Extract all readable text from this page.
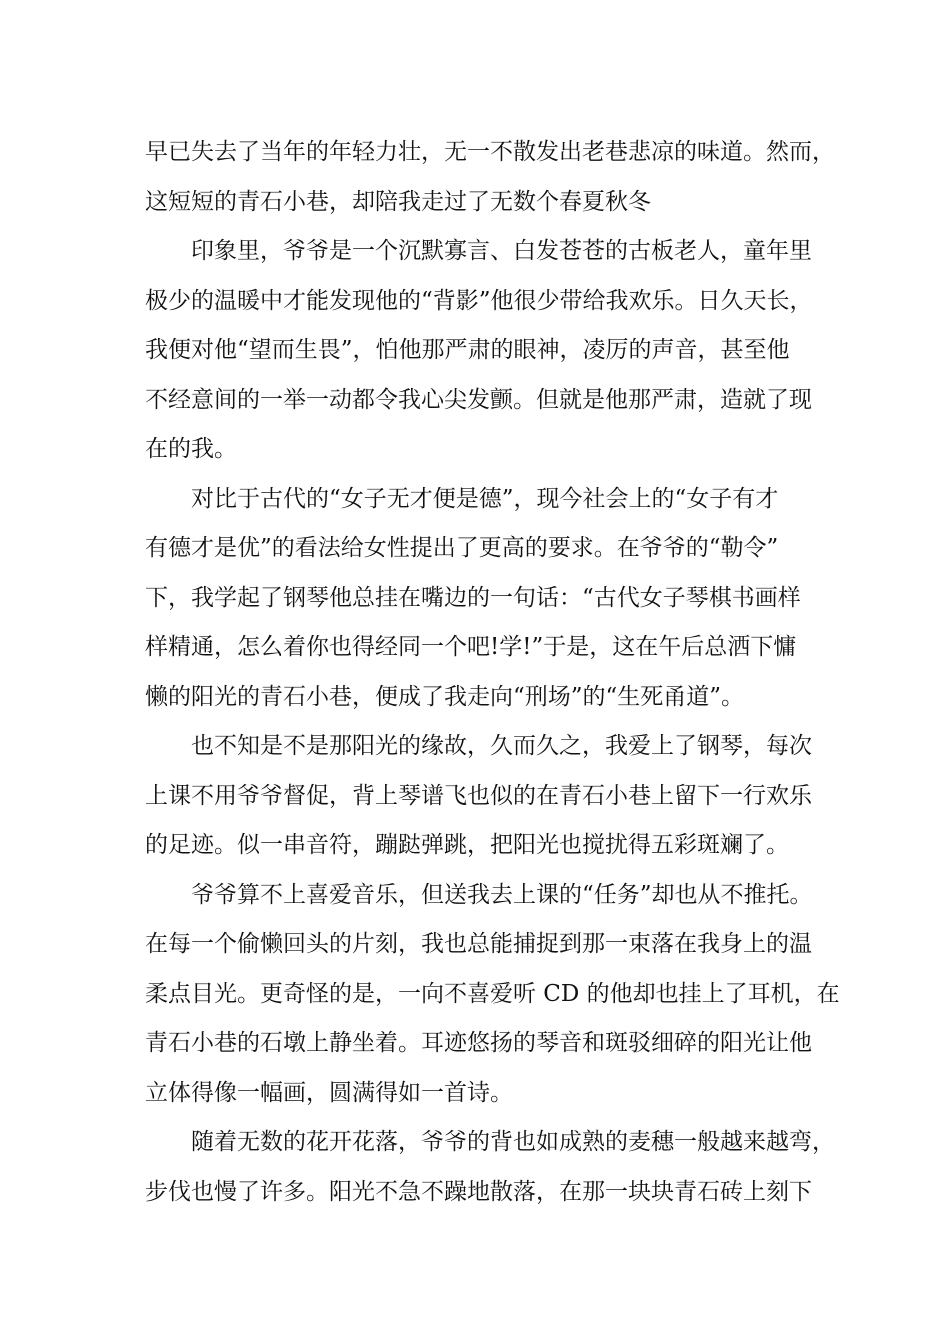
早已失去了当年的年轻力壮，无一不散发出老巷悲凉的味道。然而，
这短短的青石小巷，却陪我走过了无数个春夏秋冬
印象里，爷爷是一个沉默寡言、白发苍苍的古板老人，童年里
极少的温暖中才能发现他的“背影”他很少带给我欢乐。日久天长，
我便对他“望而生畏”，怕他那严肃的眼神，凌厉的声音，甚至他
不经意间的一举一动都令我心尖发颤。但就是他那严肃，造就了现
在的我。
对比于古代的“女子无才便是德”，现今社会上的“女子有才
有德才是优”的看法给女性提出了更高的要求。在爷爷的“勒令”
下，我学起了钢琴他总挂在嘴边的一句话：“古代女子琴棋书画样
样精通，怎么着你也得经同一个吧!学!”于是，这在午后总洒下慵
懒的阳光的青石小巷，便成了我走向“刑场”的“生死甬道”。
也不知是不是那阳光的缘故，久而久之，我爱上了钢琴，每次
上课不用爷爷督促，背上琴谱飞也似的在青石小巷上留下一行欢乐
的足迹。似一串音符，蹦跶弹跳，把阳光也搅扰得五彩斑斓了。
爷爷算不上喜爱音乐，但送我去上课的“任务”却也从不推托。
在每一个偷懒回头的片刻，我也总能捕捉到那一束落在我身上的温
柔点目光。更奇怪的是，一向不喜爱听 CD 的他却也挂上了耳机，在
青石小巷的石墩上静坐着。耳迹悠扬的琴音和斑驳细碎的阳光让他
立体得像一幅画，圆满得如一首诗。
随着无数的花开花落，爷爷的背也如成熟的麦穗一般越来越弯，
步伐也慢了许多。阳光不急不躁地散落，在那一块块青石砖上刻下
